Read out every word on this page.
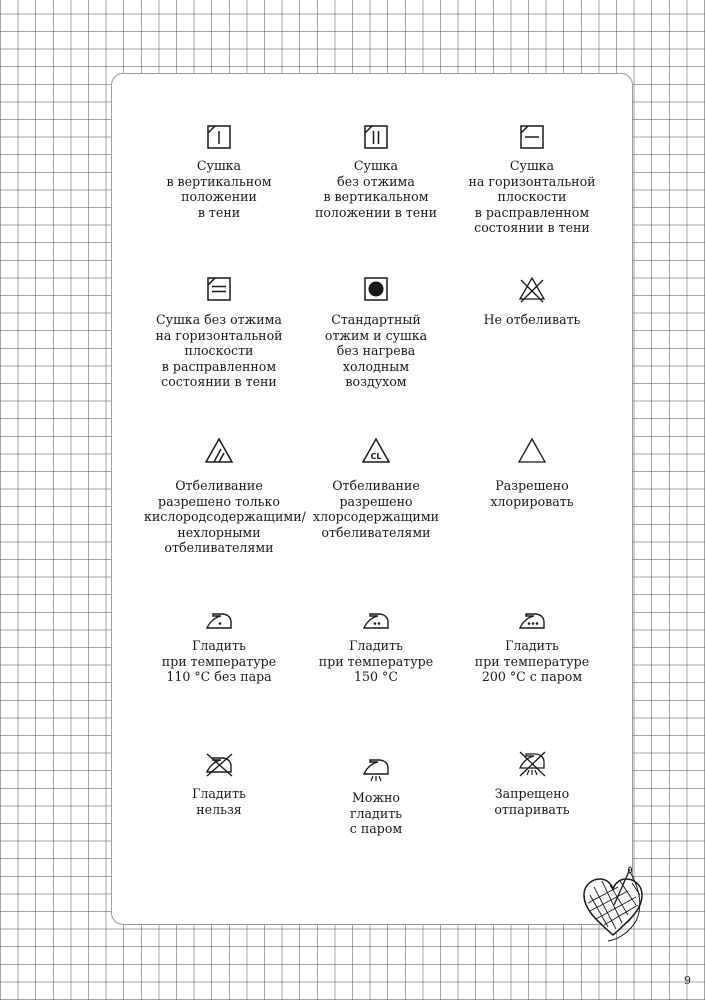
Сушка
в вертикальном
положении
в тени
Сушка
без отжима
в вертикальном
положении в тени
Сушка
на горизонтальной
плоскости
в расправленном
состоянии в тени
Сушка без отжима
на горизонтальной
плоскости
в расправленном
состоянии в тени
Стандартный
отжим и сушка
без нагрева
холодным
воздухом
Не отбеливать
Отбеливание
разрешено только
кислородсодержащими/
нехлорными
отбеливателями
CL
Отбеливание
разрешено
хлорсодержащими
отбеливателями
Разрешено
хлорировать
Гладить
при температуре
110 °С без пара
Гладить
при температуре
150 °С
Гладить
при температуре
200 °С с паром
Гладить
нельзя
Можно
гладить
с паром
Запрещено
отпаривать
9
